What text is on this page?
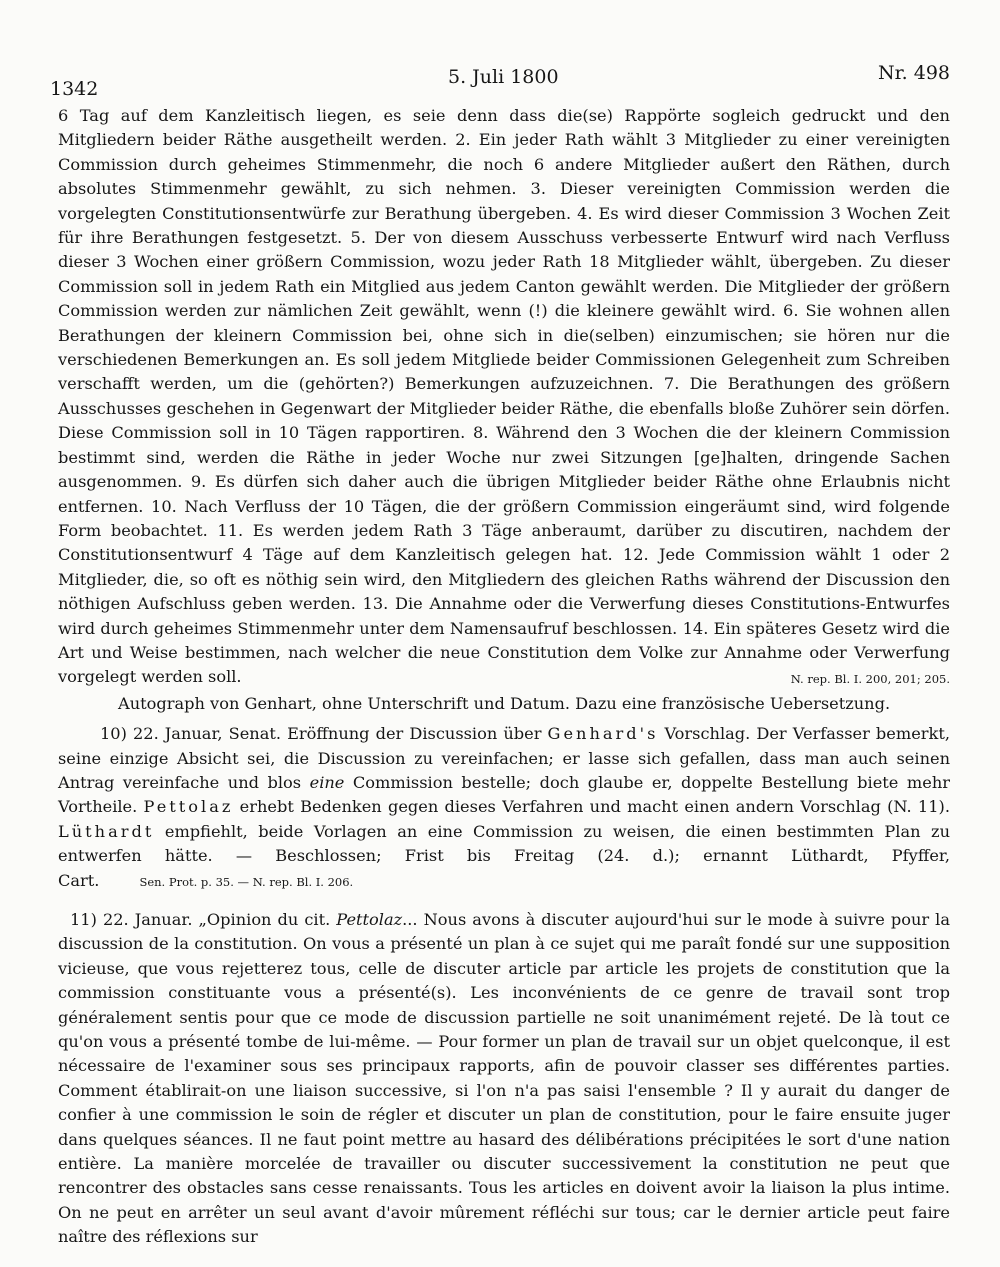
1342
5. Juli 1800	Nr. 498

6 Tag auf dem Kanzleitisch liegen, es seie denn dass die(se) Rappörte sogleich gedruckt und den Mitgliedern beider Räthe ausgetheilt werden. 2. Ein jeder Rath wählt 3 Mitglieder zu einer vereinigten Commission durch geheimes Stimmenmehr, die noch 6 andere Mitglieder außert den Räthen, durch absolutes Stimmenmehr gewählt, zu sich nehmen. 3. Dieser vereinigten Commission werden die vorgelegten Constitutionsentwürfe zur Berathung übergeben. 4. Es wird dieser Commission 3 Wochen Zeit für ihre Berathungen festgesetzt. 5. Der von diesem Ausschuss verbesserte Entwurf wird nach Verfluss dieser 3 Wochen einer größern Commission, wozu jeder Rath 18 Mitglieder wählt, übergeben. Zu dieser Commission soll in jedem Rath ein Mitglied aus jedem Canton gewählt werden. Die Mitglieder der größern Commission werden zur nämlichen Zeit gewählt, wenn (!) die kleinere gewählt wird. 6. Sie wohnen allen Berathungen der kleinern Commission bei, ohne sich in die(selben) einzumischen; sie hören nur die verschiedenen Bemerkungen an. Es soll jedem Mitgliede beider Commissionen Gelegenheit zum Schreiben verschafft werden, um die (gehörten?) Bemerkungen aufzuzeichnen. 7. Die Berathungen des größern Ausschusses geschehen in Gegenwart der Mitglieder beider Räthe, die ebenfalls bloße Zuhörer sein dörfen. Diese Commission soll in 10 Tägen rapportiren. 8. Während den 3 Wochen die der kleinern Commission bestimmt sind, werden die Räthe in jeder Woche nur zwei Sitzungen [ge]halten, dringende Sachen ausgenommen. 9. Es dürfen sich daher auch die übrigen Mitglieder beider Räthe ohne Erlaubnis nicht entfernen. 10. Nach Verfluss der 10 Tägen, die der größern Commission eingeräumt sind, wird folgende Form beobachtet. 11. Es werden jedem Rath 3 Täge anberaumt, darüber zu discutiren, nachdem der Constitutionsentwurf 4 Täge auf dem Kanzleitisch gelegen hat. 12. Jede Commission wählt 1 oder 2 Mitglieder, die, so oft es nöthig sein wird, den Mitgliedern des gleichen Raths während der Discussion den nöthigen Aufschluss geben werden. 13. Die Annahme oder die Verwerfung dieses Constitutions-Entwurfes wird durch geheimes Stimmenmehr unter dem Namensaufruf beschlossen. 14. Ein späteres Gesetz wird die Art und Weise bestimmen, nach welcher die neue Constitution dem Volke zur Annahme oder Verwerfung vorgelegt werden soll.	N. rep. Bl. I. 200, 201; 205.

Autograph von Genhart, ohne Unterschrift und Datum. Dazu eine französische Uebersetzung.

10) 22. Januar, Senat. Eröffnung der Discussion über Genhard's Vorschlag. Der Verfasser bemerkt, seine einzige Absicht sei, die Discussion zu vereinfachen; er lasse sich gefallen, dass man auch seinen Antrag vereinfache und blos eine Commission bestelle; doch glaube er, doppelte Bestellung biete mehr Vortheile. Pettolaz erhebt Bedenken gegen dieses Verfahren und macht einen andern Vorschlag (N. 11). Lüthardt empfiehlt, beide Vorlagen an eine Commission zu weisen, die einen bestimmten Plan zu entwerfen hätte. — Beschlossen; Frist bis Freitag (24. d.); ernannt Lüthardt, Pfyffer, Cart.	Sen. Prot. p. 35. — N. rep. Bl. I. 206.

11) 22. Januar. „Opinion du cit. Pettolaz... Nous avons à discuter aujourd'hui sur le mode à suivre pour la discussion de la constitution. On vous a présenté un plan à ce sujet qui me paraît fondé sur une supposition vicieuse, que vous rejetterez tous, celle de discuter article par article les projets de constitution que la commission constituante vous a présenté(s). Les inconvénients de ce genre de travail sont trop généralement sentis pour que ce mode de discussion partielle ne soit unanimément rejeté. De là tout ce qu'on vous a présenté tombe de lui-même. — Pour former un plan de travail sur un objet quelconque, il est nécessaire de l'examiner sous ses principaux rapports, afin de pouvoir classer ses différentes parties. Comment établirait-on une liaison successive, si l'on n'a pas saisi l'ensemble ? Il y aurait du danger de confier à une commission le soin de régler et discuter un plan de constitution, pour le faire ensuite juger dans quelques séances. Il ne faut point mettre au hasard des délibérations précipitées le sort d'une nation entière. La manière morcelée de travailler ou discuter successivement la constitution ne peut que rencontrer des obstacles sans cesse renaissants. Tous les articles en doivent avoir la liaison la plus intime. On ne peut en arrêter un seul avant d'avoir mûrement réfléchi sur tous; car le dernier article peut faire naître des réflexions sur
